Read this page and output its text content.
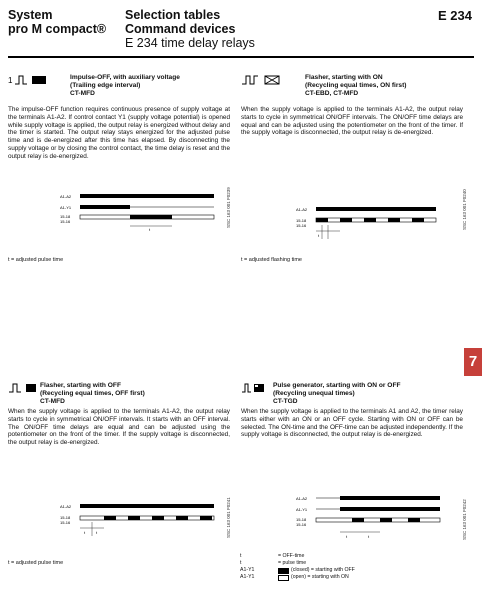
System
pro M compact®
Selection tables
Command devices
E 234 time delay relays
E 234
7
1	Impulse-OFF, with auxiliary voltage
(Trailing edge interval)
CT-MFD
The impulse-OFF function requires continuous presence of supply voltage at the terminals A1-A2. If control contact Y1 (supply voltage potential) is opened while supply voltage is applied, the output relay is energized without delay and the timer is started. The output relay stays energized for the adjusted pulse time and is de-energized after this time has elapsed. By disconnecting the supply voltage or by closing the control contact, the time delay is reset and the output relay is de-energized.
A1-A2
A1-Y1
15-18
15-16
t
SSC 163 001 F0239
t = adjusted pulse time
Flasher, starting with ON
(Recycling equal times, ON first)
CT-EBD, CT-MFD
When the supply voltage is applied to the terminals A1-A2, the output relay starts to cycle in symmetrical ON/OFF intervals. The ON/OFF time delays are equal and can be adjusted using the potentiometer on the front of the timer. If the supply voltage is disconnected, the output relay is de-energized.
A1-A2
15-18
15-16
t
SSC 163 001 F0240
t = adjusted flashing time
Flasher, starting with OFF
(Recycling equal times, OFF first)
CT-MFD
When the supply voltage is applied to the terminals A1-A2, the output relay starts to cycle in symmetrical ON/OFF intervals. It starts with an OFF interval. The ON/OFF time delays are equal and can be adjusted using the potentiometer on the front of the timer. If the supply voltage is disconnected, the output relay is de-energized.
A1-A2
15-18
15-16
t	t	SSC 163 001 F0241
t = adjusted pulse time
Pulse generator, starting with ON or OFF
(Recycling unequal times)
CT-TGD
When the supply voltage is applied to the terminals A1 and A2, the timer relay starts either with an ON or an OFF cycle. Starting with ON or OFF can be selected. The ON-time and the OFF-time can be adjusted independently. If the supply voltage is disconnected, the output relay is de-energized.
A1-A2
A1-Y1
15-18
15-16
t	t	SSC 163 001 F0242
t	= OFF-time
t	= pulse time
A1-Y1	(closed) = starting with OFF
A1-Y1	(open) = starting with ON
